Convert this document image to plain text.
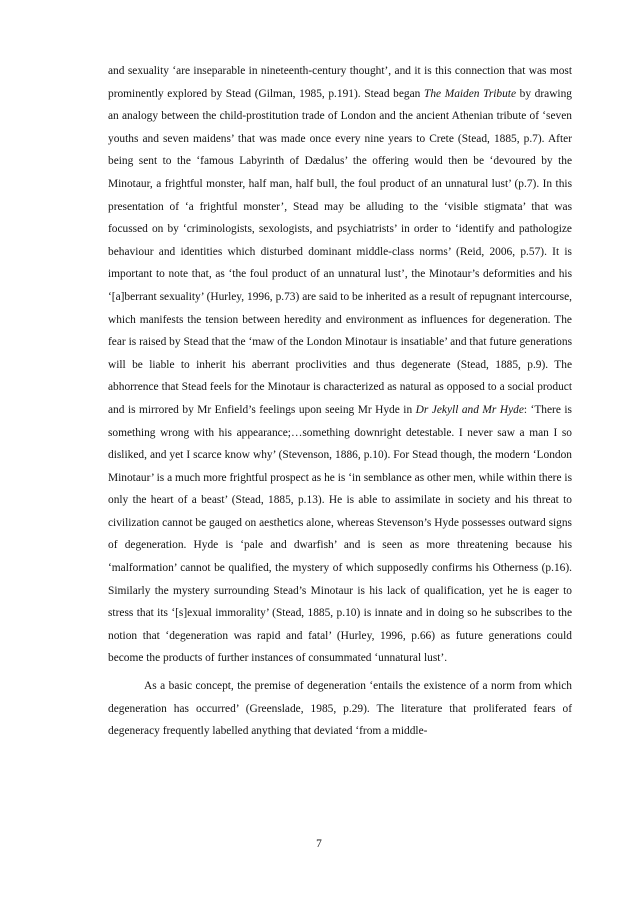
and sexuality ‘are inseparable in nineteenth-century thought’, and it is this connection that was most prominently explored by Stead (Gilman, 1985, p.191). Stead began The Maiden Tribute by drawing an analogy between the child-prostitution trade of London and the ancient Athenian tribute of ‘seven youths and seven maidens’ that was made once every nine years to Crete (Stead, 1885, p.7). After being sent to the ‘famous Labyrinth of Dædalus’ the offering would then be ‘devoured by the Minotaur, a frightful monster, half man, half bull, the foul product of an unnatural lust’ (p.7). In this presentation of ‘a frightful monster’, Stead may be alluding to the ‘visible stigmata’ that was focussed on by ‘criminologists, sexologists, and psychiatrists’ in order to ‘identify and pathologize behaviour and identities which disturbed dominant middle-class norms’ (Reid, 2006, p.57). It is important to note that, as ‘the foul product of an unnatural lust’, the Minotaur’s deformities and his ‘[a]berrant sexuality’ (Hurley, 1996, p.73) are said to be inherited as a result of repugnant intercourse, which manifests the tension between heredity and environment as influences for degeneration. The fear is raised by Stead that the ‘maw of the London Minotaur is insatiable’ and that future generations will be liable to inherit his aberrant proclivities and thus degenerate (Stead, 1885, p.9). The abhorrence that Stead feels for the Minotaur is characterized as natural as opposed to a social product and is mirrored by Mr Enfield’s feelings upon seeing Mr Hyde in Dr Jekyll and Mr Hyde: ‘There is something wrong with his appearance;…something downright detestable. I never saw a man I so disliked, and yet I scarce know why’ (Stevenson, 1886, p.10). For Stead though, the modern ‘London Minotaur’ is a much more frightful prospect as he is ‘in semblance as other men, while within there is only the heart of a beast’ (Stead, 1885, p.13). He is able to assimilate in society and his threat to civilization cannot be gauged on aesthetics alone, whereas Stevenson’s Hyde possesses outward signs of degeneration. Hyde is ‘pale and dwarfish’ and is seen as more threatening because his ‘malformation’ cannot be qualified, the mystery of which supposedly confirms his Otherness (p.16). Similarly the mystery surrounding Stead’s Minotaur is his lack of qualification, yet he is eager to stress that its ‘[s]exual immorality’ (Stead, 1885, p.10) is innate and in doing so he subscribes to the notion that ‘degeneration was rapid and fatal’ (Hurley, 1996, p.66) as future generations could become the products of further instances of consummated ‘unnatural lust’.

As a basic concept, the premise of degeneration ‘entails the existence of a norm from which degeneration has occurred’ (Greenslade, 1985, p.29). The literature that proliferated fears of degeneracy frequently labelled anything that deviated ‘from a middle-

7
